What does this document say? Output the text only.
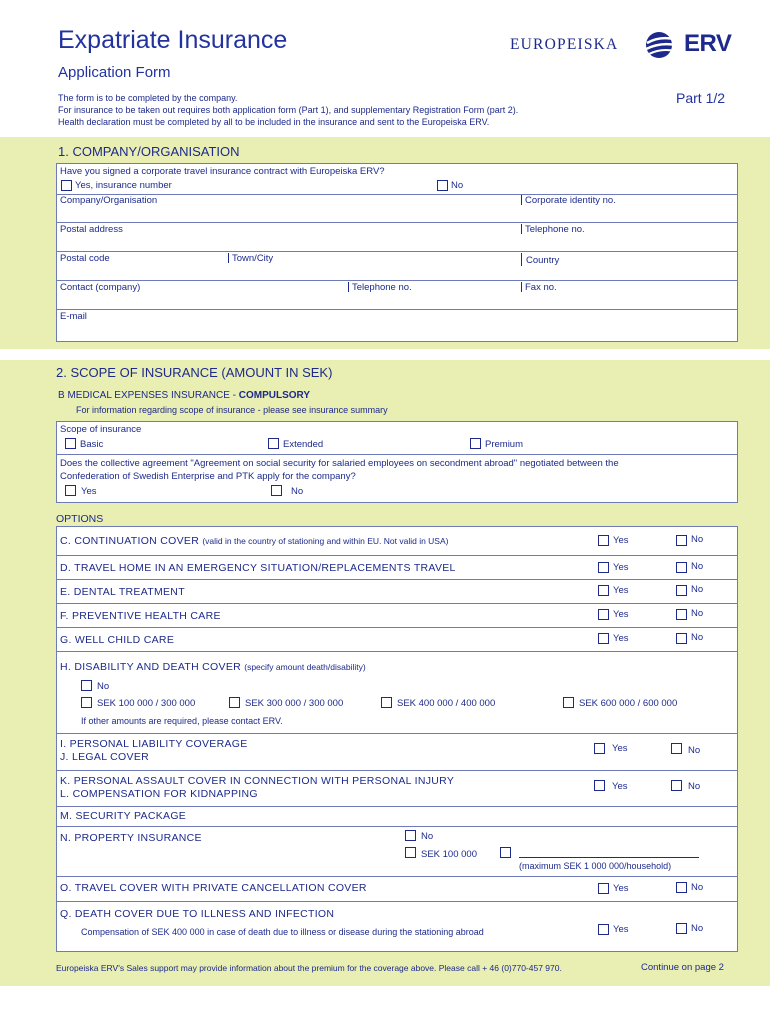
Expatriate Insurance
Application Form
The form is to be completed by the company.
For insurance to be taken out requires both application form (Part 1), and supplementary Registration Form (part 2).
Health declaration must be completed by all to be included in the insurance and sent to the Europeiska ERV.
Part 1/2
EUROPEISKA	ERV
1. COMPANY/ORGANISATION
Have you signed a corporate travel insurance contract with Europeiska ERV?
Yes, insurance number	No
Company/Organisation	Corporate identity no.
Postal address	Telephone no.
Postal code	Town/City	Country
Contact (company)	Telephone no.	Fax no.
E-mail
2. SCOPE OF INSURANCE (AMOUNT IN SEK)
B MEDICAL EXPENSES INSURANCE - COMPULSORY
For information regarding scope of insurance - please see insurance summary
Scope of insurance
Basic	Extended	Premium
Does the collective agreement "Agreement on social security for salaried employees on secondment abroad" negotiated between the
Confederation of Swedish Enterprise and PTK apply for the company?
Yes	No
OPTIONS
C. CONTINUATION COVER (valid in the country of stationing and within EU. Not valid in USA)	Yes	No
D. TRAVEL HOME IN AN EMERGENCY SITUATION/REPLACEMENTS TRAVEL	Yes	No
E. DENTAL TREATMENT	Yes	No
F. PREVENTIVE HEALTH CARE	Yes	No
G. WELL CHILD CARE	Yes	No
H. DISABILITY AND DEATH COVER (specify amount death/disability)
No
SEK 100 000 / 300 000	SEK 300 000 / 300 000	SEK 400 000 / 400 000	SEK 600 000 / 600 000
If other amounts are required, please contact ERV.
I. PERSONAL LIABILITY COVERAGE
J. LEGAL COVER
Yes	No
K. PERSONAL ASSAULT COVER IN CONNECTION WITH PERSONAL INJURY
L. COMPENSATION FOR KIDNAPPING
Yes	No
M. SECURITY PACKAGE
N. PROPERTY INSURANCE	No
SEK 100 000
(maximum SEK 1 000 000/household)
O. TRAVEL COVER WITH PRIVATE CANCELLATION COVER	Yes	No
Q. DEATH COVER DUE TO ILLNESS AND INFECTION
Compensation of SEK 400 000 in case of death due to illness or disease during the stationing abroad	Yes	No
Europeiska ERV's Sales support may provide information about the premium for the coverage above. Please call + 46 (0)770-457 970.	Continue on page 2
